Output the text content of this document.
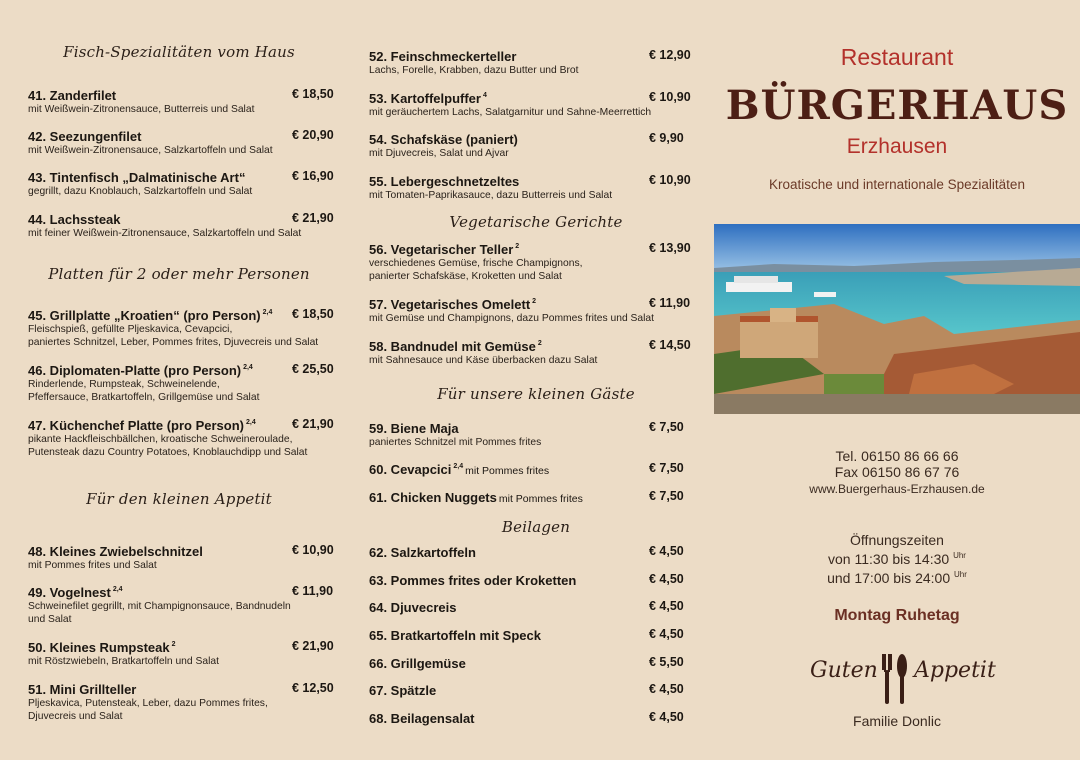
Fisch-Spezialitäten vom Haus
41. Zanderfilet	€ 18,50
mit Weißwein-Zitronensauce, Butterreis und Salat
42. Seezungenfilet	€ 20,90
mit Weißwein-Zitronensauce, Salzkartoffeln und Salat
43. Tintenfisch „Dalmatinische Art“	€ 16,90
gegrillt, dazu Knoblauch, Salzkartoffeln und Salat
44. Lachssteak	€ 21,90
mit feiner Weißwein-Zitronensauce, Salzkartoffeln und Salat
Platten für 2 oder mehr Personen
45. Grillplatte „Kroatien“ (pro Person) $^{2,4}$ € 18,50
Fleischspieß, gefüllte Pljeskavica, Cevapcici,
paniertes Schnitzel, Leber, Pommes frites, Djuvecreis und Salat
46. Diplomaten-Platte (pro Person) $^{2,4}$	€ 25,50
Rinderlende, Rumpsteak, Schweinelende,
Pfeffersauce, Bratkartoffeln, Grillgemüse und Salat
47. Küchenchef Platte (pro Person) $^{2,4}$	€ 21,90
pikante Hackfleischbällchen, kroatische Schweineroulade,
Putensteak dazu Country Potatoes, Knoblauchdipp und Salat
Für den kleinen Appetit
48. Kleines Zwiebelschnitzel	€ 10,90
mit Pommes frites und Salat
49. Vogelnest $^{2,4}$	€ 11,90
Schweinefilet gegrillt, mit Champignonsauce, Bandnudeln
und Salat
50. Kleines Rumpsteak $^2$	€ 21,90
mit Röstzwiebeln, Bratkartoffeln und Salat
51. Mini Grillteller	€ 12,50
Pljeskavica, Putensteak, Leber, dazu Pommes frites,
Djuvecreis und Salat
52. Feinschmeckerteller	€ 12,90
Lachs, Forelle, Krabben, dazu Butter und Brot
53. Kartoffelpuffer $^4$	€ 10,90
mit geräuchertem Lachs, Salatgarnitur und Sahne-Meerrettich
54. Schafskäse (paniert)	€ 9,90
mit Djuvecreis, Salat und Ajvar
55. Lebergeschnetzeltes	€ 10,90
mit Tomaten-Paprikasauce, dazu Butterreis und Salat
Vegetarische Gerichte
56. Vegetarischer Teller $^2$	€ 13,90
verschiedenes Gemüse, frische Champignons,
panierter Schafskäse, Kroketten und Salat
57. Vegetarisches Omelett $^2$	€ 11,90
mit Gemüse und Champignons, dazu Pommes frites und Salat
58. Bandnudel mit Gemüse $^2$	€ 14,50
mit Sahnesauce und Käse überbacken dazu Salat
Für unsere kleinen Gäste
59. Biene Maja	€ 7,50
paniertes Schnitzel mit Pommes frites
60. Cevapcici $^{2,4}$ mit Pommes frites	€ 7,50
61. Chicken Nuggets mit Pommes frites	€ 7,50
Beilagen
62. Salzkartoffeln	€ 4,50
63. Pommes frites oder Kroketten	€ 4,50
64. Djuvecreis	€ 4,50
65. Bratkartoffeln mit Speck	€ 4,50
66. Grillgemüse	€ 5,50
67. Spätzle	€ 4,50
68. Beilagensalat	€ 4,50
Restaurant
BÜRGERHAUS
Erzhausen
Kroatische und internationale Spezialitäten
Tel. 06150 86 66 66
Fax 06150 86 67 76
www.Buergerhaus-Erzhausen.de
Öffnungszeiten
von 11:30 bis 14:30 $^{Uhr}$
und 17:00 bis 24:00 $^{Uhr}$
Montag Ruhetag
Guten Appetit
Familie Donlic
